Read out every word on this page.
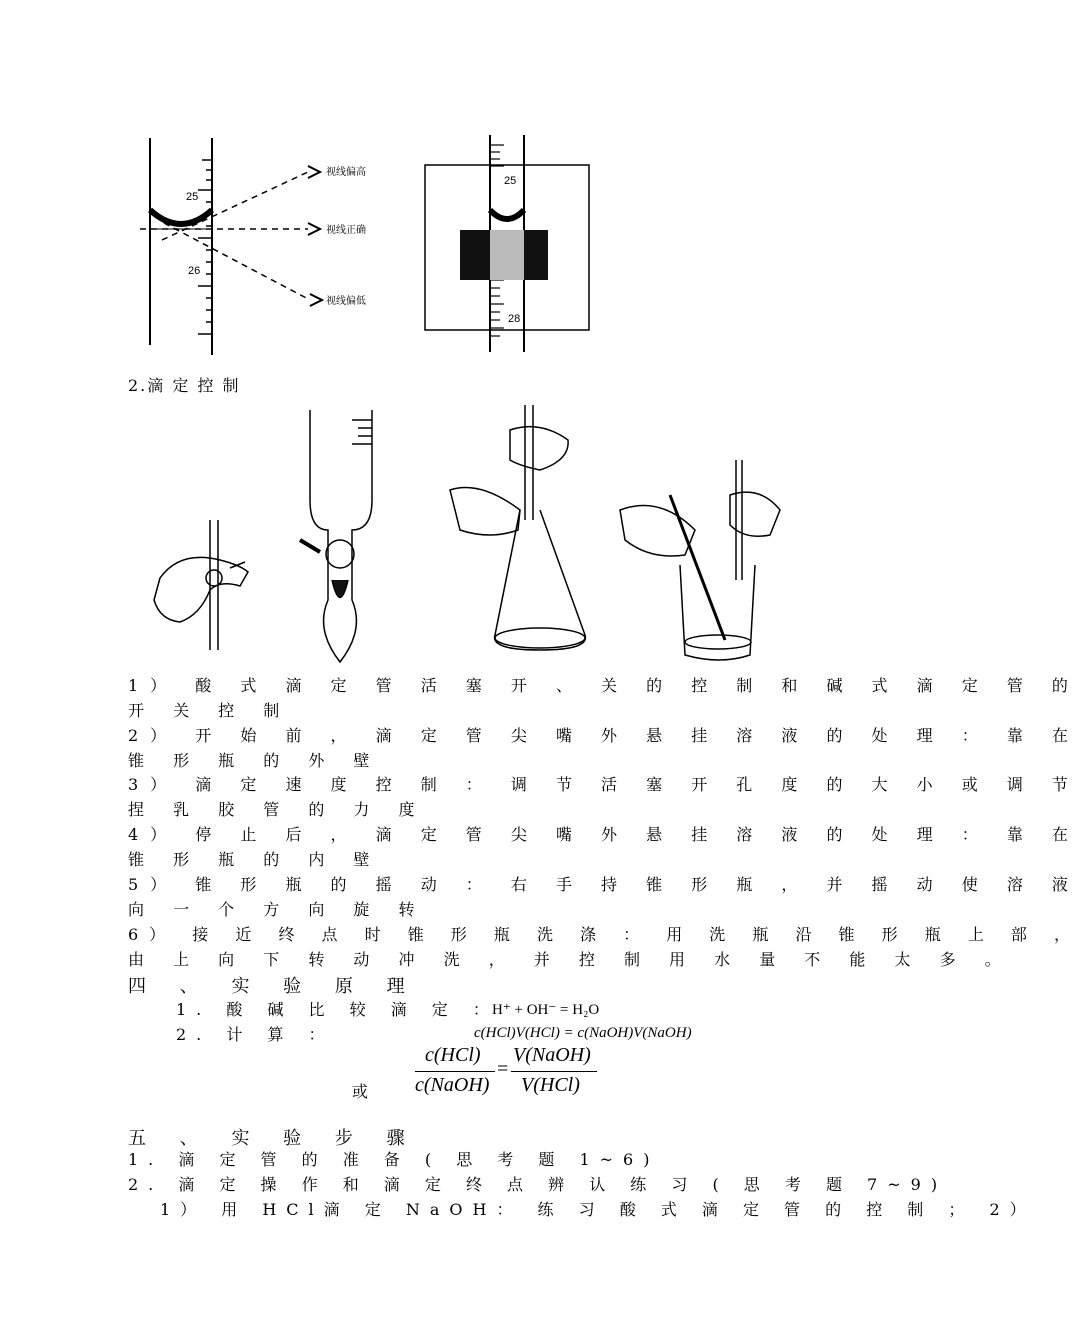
25
26
视线偏高
视线正确
视线偏低
25
28
2.滴 定 控 制
1） 酸 式 滴 定 管 活 塞 开 、 关 的 控 制 和 碱 式 滴 定 管 的
开 关 控 制
2） 开 始 前 ， 滴 定 管 尖 嘴 外 悬 挂 溶 液 的 处 理 ： 靠 在
锥 形 瓶 的 外 壁
3） 滴 定 速 度 控 制 ： 调 节 活 塞 开 孔 度 的 大 小 或 调 节
捏 乳 胶 管 的 力 度
4） 停 止 后 ， 滴 定 管 尖 嘴 外 悬 挂 溶 液 的 处 理 ： 靠 在
锥 形 瓶 的 内 壁
5） 锥 形 瓶 的 摇 动 ： 右 手 持 锥 形 瓶 ， 并 摇 动 使 溶 液
向 一 个 方 向 旋 转
6） 接 近 终 点 时 锥 形 瓶 洗 涤 ： 用 洗 瓶 沿 锥 形 瓶 上 部 ，
由 上 向 下 转 动 冲 洗 ， 并 控 制 用 水 量 不 能 太 多 。
四 、 实 验 原 理
1. 酸 碱 比 较 滴 定 ：
H⁺ + OH⁻ = H₂O
2. 计 算 ：	c(HCl)V(HCl) = c(NaOH)V(NaOH)
或
c(HCl)
c(NaOH)
=
V(NaOH)
V(HCl)
五 、 实 验 步 骤
1. 滴 定 管 的 准 备 ( 思 考 题 1~6)
2. 滴 定 操 作 和 滴 定 终 点 辨 认 练 习 ( 思 考 题 7~9)
1） 用 HCl滴 定 NaOH： 练 习 酸 式 滴 定 管 的 控 制 ； 2）
